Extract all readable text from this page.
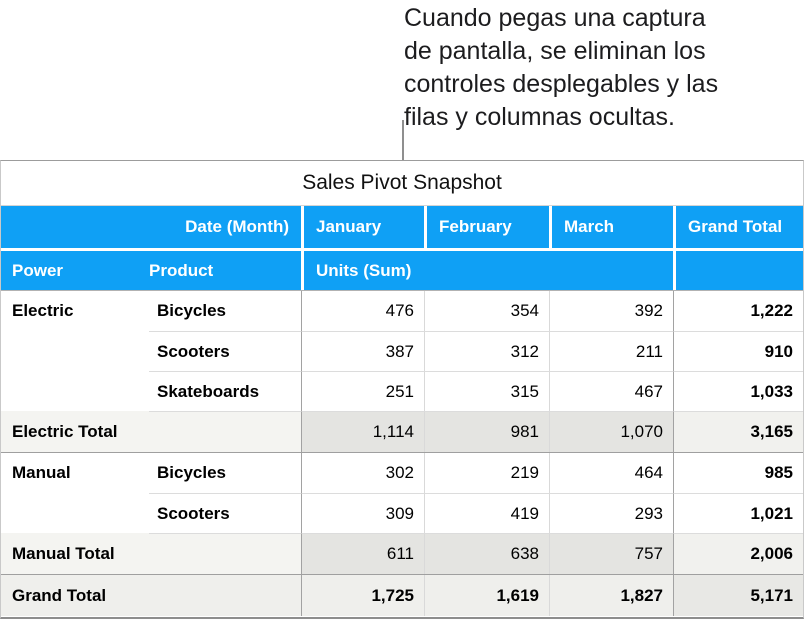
Cuando pegas una captura
de pantalla, se eliminan los
controles desplegables y las
filas y columnas ocultas.
Sales Pivot Snapshot
Date (Month)	January	February	March	Grand Total
Power	Product	Units (Sum)
Electric	Bicycles	476	354	392	1,222
Scooters	387	312	211	910
Skateboards	251	315	467	1,033
Electric Total	1,114	981	1,070	3,165
Manual	Bicycles	302	219	464	985
Scooters	309	419	293	1,021
Manual Total	611	638	757	2,006
Grand Total	1,725	1,619	1,827	5,171
